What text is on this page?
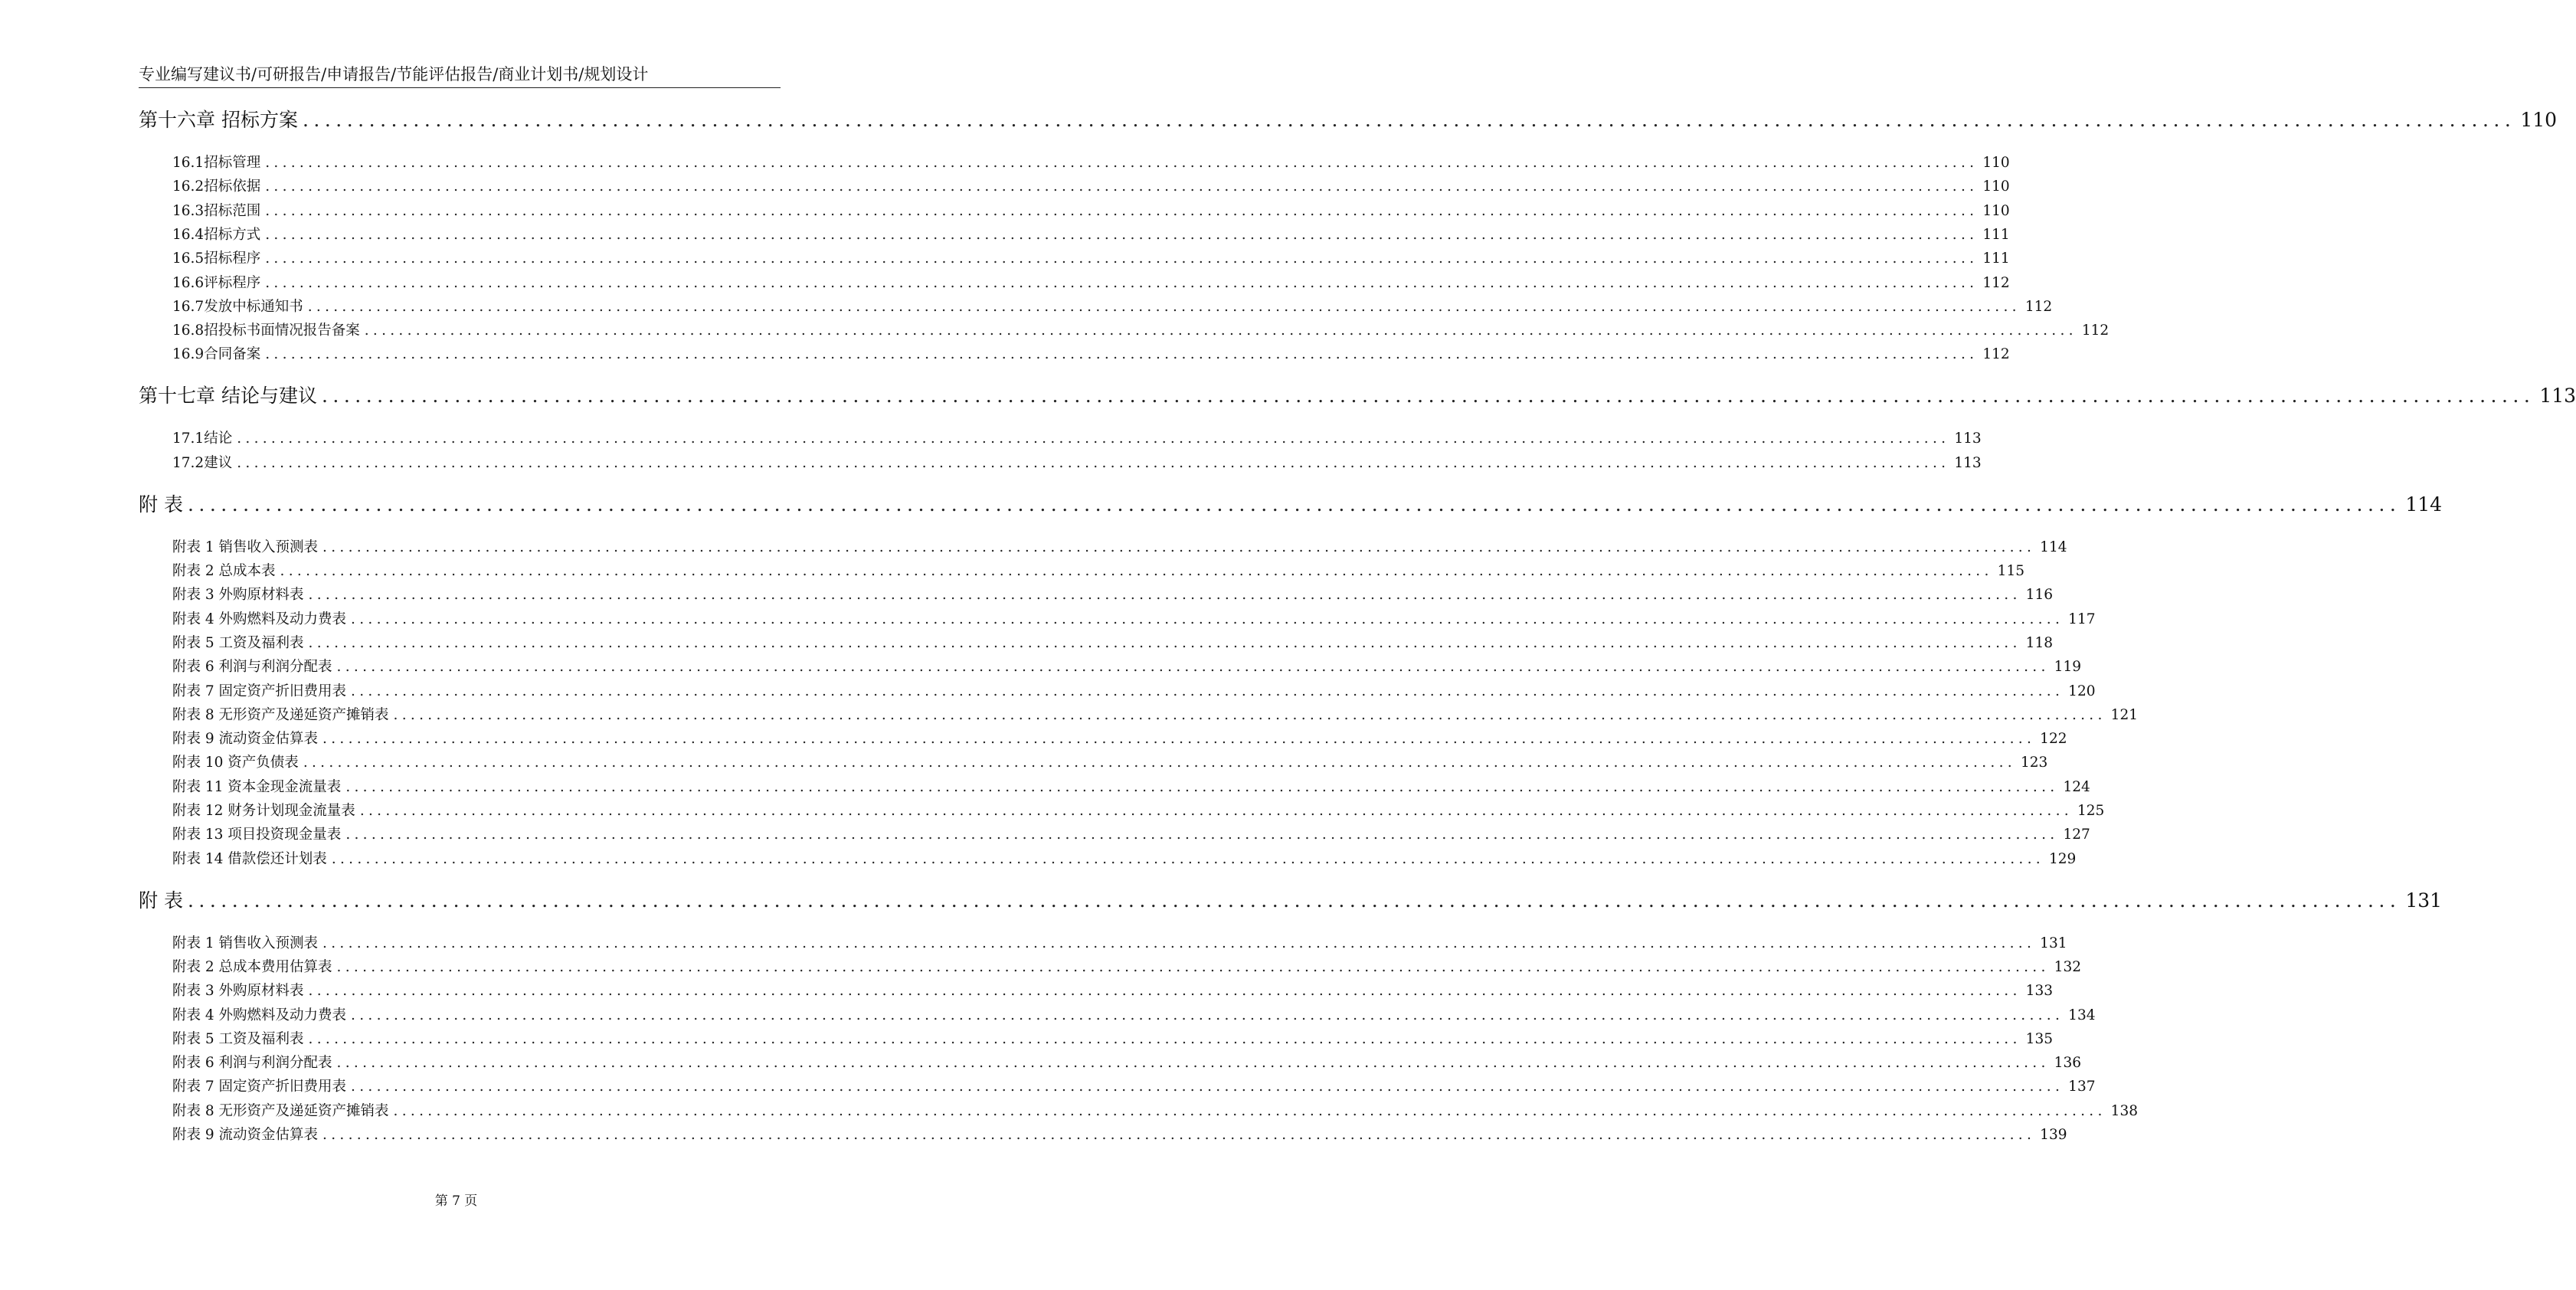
专业编写建议书/可研报告/申请报告/节能评估报告/商业计划书/规划设计
第十六章 招标方案 ........................................................................................................................................................................................................ 110
16.1招标管理 ........................................................................................................................................................................................................ 110
16.2招标依据 ........................................................................................................................................................................................................ 110
16.3招标范围 ........................................................................................................................................................................................................ 110
16.4招标方式 ........................................................................................................................................................................................................ 111
16.5招标程序 ........................................................................................................................................................................................................ 111
16.6评标程序 ........................................................................................................................................................................................................ 112
16.7发放中标通知书 ........................................................................................................................................................................................................ 112
16.8招投标书面情况报告备案 ........................................................................................................................................................................................................ 112
16.9合同备案 ........................................................................................................................................................................................................ 112
第十七章 结论与建议 ........................................................................................................................................................................................................ 113
17.1结论 ........................................................................................................................................................................................................ 113
17.2建议 ........................................................................................................................................................................................................ 113
附 表 ........................................................................................................................................................................................................ 114
附表 1 销售收入预测表 ........................................................................................................................................................................................................ 114
附表 2 总成本表 ........................................................................................................................................................................................................ 115
附表 3 外购原材料表 ........................................................................................................................................................................................................ 116
附表 4 外购燃料及动力费表 ........................................................................................................................................................................................................ 117
附表 5 工资及福利表 ........................................................................................................................................................................................................ 118
附表 6 利润与利润分配表 ........................................................................................................................................................................................................ 119
附表 7 固定资产折旧费用表 ........................................................................................................................................................................................................ 120
附表 8 无形资产及递延资产摊销表 ........................................................................................................................................................................................................ 121
附表 9 流动资金估算表 ........................................................................................................................................................................................................ 122
附表 10 资产负债表 ........................................................................................................................................................................................................ 123
附表 11 资本金现金流量表 ........................................................................................................................................................................................................ 124
附表 12 财务计划现金流量表 ........................................................................................................................................................................................................ 125
附表 13 项目投资现金量表 ........................................................................................................................................................................................................ 127
附表 14 借款偿还计划表 ........................................................................................................................................................................................................ 129
附 表 ........................................................................................................................................................................................................ 131
附表 1 销售收入预测表 ........................................................................................................................................................................................................ 131
附表 2 总成本费用估算表 ........................................................................................................................................................................................................ 132
附表 3 外购原材料表 ........................................................................................................................................................................................................ 133
附表 4 外购燃料及动力费表 ........................................................................................................................................................................................................ 134
附表 5 工资及福利表 ........................................................................................................................................................................................................ 135
附表 6 利润与利润分配表 ........................................................................................................................................................................................................ 136
附表 7 固定资产折旧费用表 ........................................................................................................................................................................................................ 137
附表 8 无形资产及递延资产摊销表 ........................................................................................................................................................................................................ 138
附表 9 流动资金估算表 ........................................................................................................................................................................................................ 139
第 7 页
